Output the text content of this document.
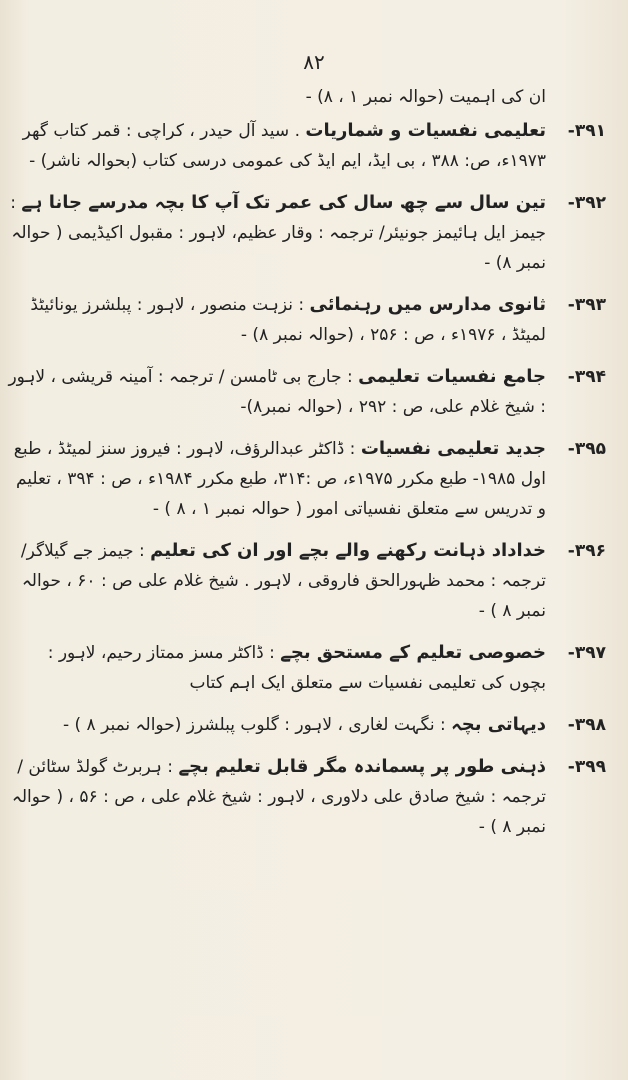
٨٢
ان کی اہمیت (حوالہ نمبر ۱ ، ۸) -
۳۹۱-
تعلیمی نفسیات و شماریات . سید آل حیدر ، کراچی : قمر کتاب گھر ۱۹۷۳ء، ص: ۳۸۸ ، بی ایڈ، ایم ایڈ کی عمومی درسی کتاب (بحوالہ ناشر) -
۳۹۲-
تین سال سے چھ سال کی عمر تک آپ کا بچہ مدرسے جانا ہے : جیمز ایل ہائیمز جونیئر/ ترجمہ : وقار عظیم، لاہور : مقبول اکیڈیمی ( حوالہ نمبر ۸) -
۳۹۳-
ثانوی مدارس میں رہنمائی : نزہت منصور ، لاہور : پبلشرز یونائیٹڈ لمیٹڈ ، ۱۹۷۶ء ، ص : ۲۵۶ ، (حوالہ نمبر ۸) -
۳۹۴-
جامع نفسیات تعلیمی : جارج بی ٹامسن / ترجمہ : آمینہ قریشی ، لاہور : شیخ غلام علی، ص : ۲۹۲ ، (حوالہ نمبر۸)-
۳۹۵-
جدید تعلیمی نفسیات : ڈاکٹر عبدالرؤف، لاہور : فیروز سنز لمیٹڈ ، طبع اول ۱۹۸۵- طبع مکرر ۱۹۷۵ء، ص :۳۱۴، طبع مکرر ۱۹۸۴ء ، ص : ۳۹۴ ، تعلیم و تدریس سے متعلق نفسیاتی امور ( حوالہ نمبر ۱ ، ۸ ) -
۳۹۶-
خداداد ذہانت رکھنے والے بچے اور ان کی تعلیم : جیمز جے گیلاگر/ ترجمہ : محمد ظہورالحق فاروقی ، لاہور . شیخ غلام علی ص : ۶۰ ، حوالہ نمبر ۸ ) -
۳۹۷-
خصوصی تعلیم کے مستحق بچے : ڈاکٹر مسز ممتاز رحیم، لاہور : بچوں کی تعلیمی نفسیات سے متعلق ایک اہم کتاب
۳۹۸-
دیہاتی بچہ : نگہت لغاری ، لاہور : گلوب پبلشرز (حوالہ نمبر ۸ ) -
۳۹۹-
ذہنی طور پر پسماندہ مگر قابل تعلیم بچے : ہربرٹ گولڈ سٹائن / ترجمہ : شیخ صادق علی دلاوری ، لاہور : شیخ غلام علی ، ص : ۵۶ ، ( حوالہ نمبر ۸ ) -
